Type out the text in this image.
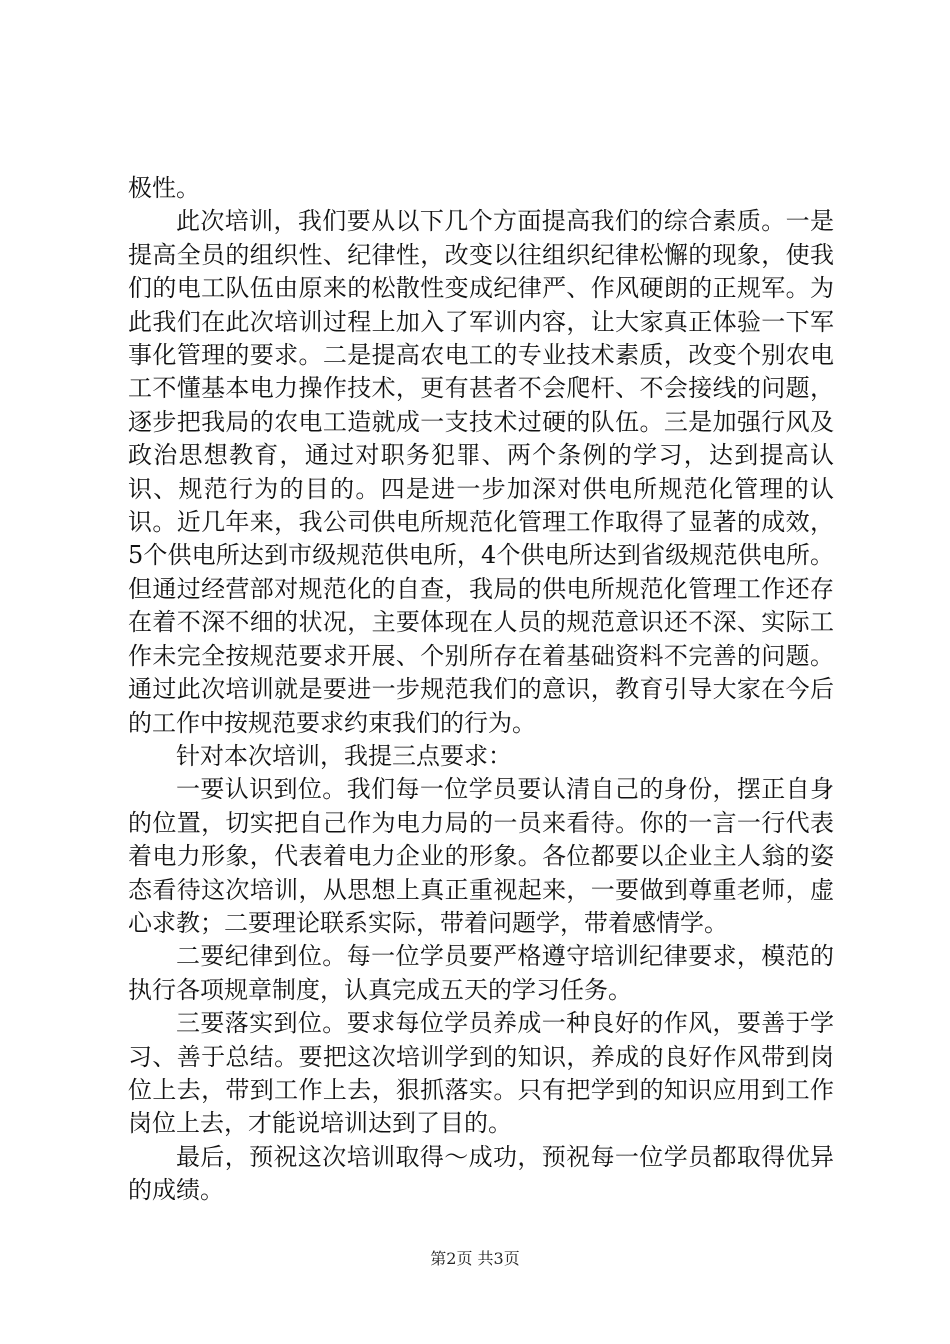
极性。

此次培训，我们要从以下几个方面提高我们的综合素质。一是提高全员的组织性、纪律性，改变以往组织纪律松懈的现象，使我们的电工队伍由原来的松散性变成纪律严、作风硬朗的正规军。为此我们在此次培训过程上加入了军训内容，让大家真正体验一下军事化管理的要求。二是提高农电工的专业技术素质，改变个别农电工不懂基本电力操作技术，更有甚者不会爬杆、不会接线的问题，逐步把我局的农电工造就成一支技术过硬的队伍。三是加强行风及政治思想教育，通过对职务犯罪、两个条例的学习，达到提高认识、规范行为的目的。四是进一步加深对供电所规范化管理的认识。近几年来，我公司供电所规范化管理工作取得了显著的成效，5个供电所达到市级规范供电所，4个供电所达到省级规范供电所。但通过经营部对规范化的自查，我局的供电所规范化管理工作还存在着不深不细的状况，主要体现在人员的规范意识还不深、实际工作未完全按规范要求开展、个别所存在着基础资料不完善的问题。通过此次培训就是要进一步规范我们的意识，教育引导大家在今后的工作中按规范要求约束我们的行为。

针对本次培训，我提三点要求：

一要认识到位。我们每一位学员要认清自己的身份，摆正自身的位置，切实把自己作为电力局的一员来看待。你的一言一行代表着电力形象，代表着电力企业的形象。各位都要以企业主人翁的姿态看待这次培训，从思想上真正重视起来，一要做到尊重老师，虚心求教；二要理论联系实际，带着问题学，带着感情学。

二要纪律到位。每一位学员要严格遵守培训纪律要求，模范的执行各项规章制度，认真完成五天的学习任务。

三要落实到位。要求每位学员养成一种良好的作风，要善于学习、善于总结。要把这次培训学到的知识，养成的良好作风带到岗位上去，带到工作上去，狠抓落实。只有把学到的知识应用到工作岗位上去，才能说培训达到了目的。

最后，预祝这次培训取得～成功，预祝每一位学员都取得优异的成绩。

第2页 共3页
